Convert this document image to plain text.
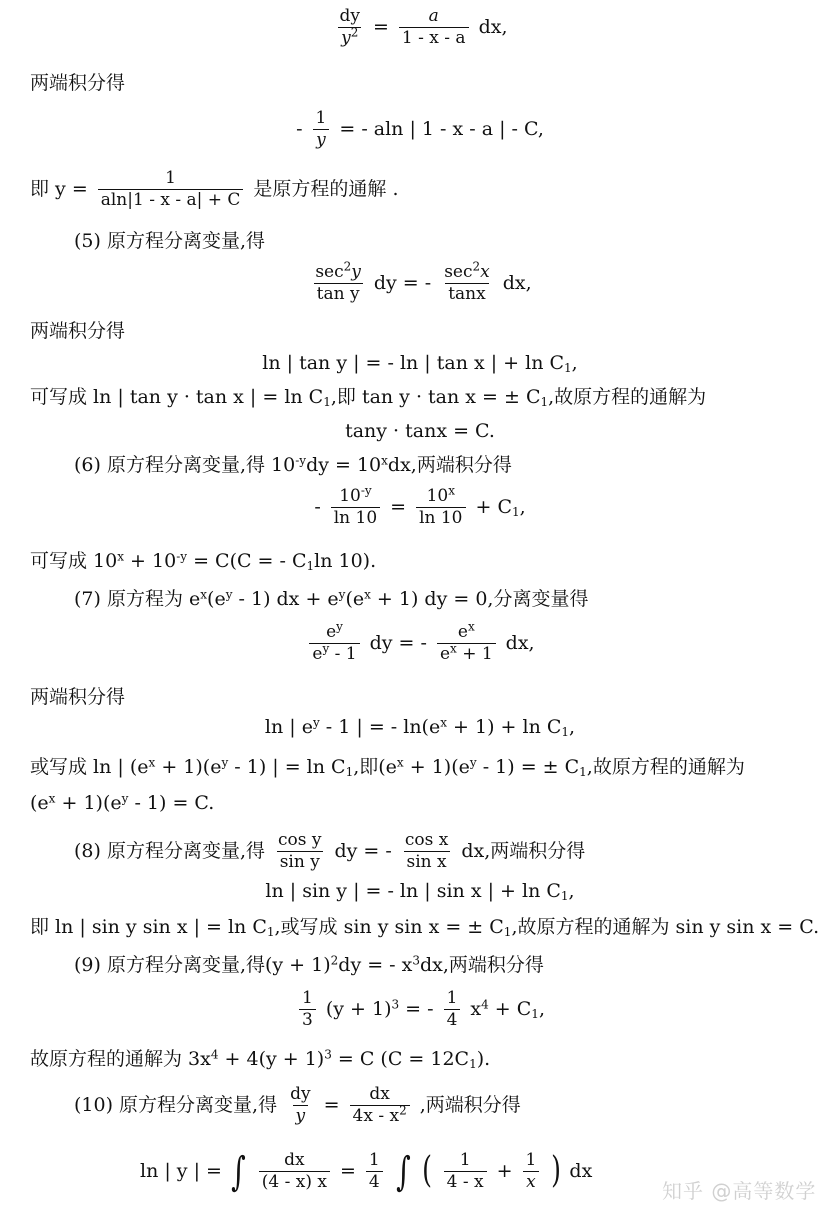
$\frac{dy}{y^2} = \frac{a}{1 - x - a}$ dx,
两端积分得
- $\frac{1}{y}$ = - aln | 1 - x - a | - C,
即 $y = \frac{1}{aln|1 - x - a| + C}$ 是原方程的通解 .
(5) 原方程分离变量,得
$\frac{\sec^2y}{\text{tan y}}$ dy = - $\frac{\sec^2x}{\tan x}$ dx,
两端积分得
ln | tan y | = - ln | tan x | + $\ln C_1$,
可写成 ln | tan y · tan x | = $\ln C_1$,即 tan y · tan x = ± $C_1$,故原方程的通解为
tany · tanx = C.
(6) 原方程分离变量,得 $10^{-y}dy = 10^xdx$,两端积分得
- $\frac{10^{-y}}{\ln 10} = \frac{10^x}{\ln 10} + C_1$,
可写成 $10^x + 10^{-y} = C(C$ = - $C_1\ln$ 10).
(7) 原方程为 $e^x(e^y - 1)$ dx + $e^y(e^x + 1)$ dy = 0,分离变量得
$\frac{e^y}{e^y - 1}$ dy = - $\frac{e^x}{e^x + 1}$ dx,
两端积分得
ln | $e^y - 1$ | = - $\ln(e^x + 1) + \ln C_1$,
或写成 ln | $(e^x + 1)(e^y - 1)$ | = $\ln C_1$,即$(e^x + 1)(e^y - 1)$ = ± $C_1$,故原方程的通解为
$(e^x + 1)(e^y - 1) = C$.
(8) 原方程分离变量,得 $\frac{\text{cos y}}{\text{sin y}}$ dy = - $\frac{\text{cos x}}{\text{sin x}}$ dx,两端积分得
ln | sin y | = - ln | sin x | + $\ln C_1$,
即 ln | sin y sin x | = $\ln C_1$,或写成 sin y sin x = ± $C_1$,故原方程的通解为 sin y sin x = C.
(9) 原方程分离变量,得$(y + 1)^2dy$ = - $x^3dx$,两端积分得
$\frac{1}{3} (y + 1)^3$ = - $\frac{1}{4} x^4 + C_1$,
故原方程的通解为 $3x^4 + 4(y + 1)^3 = C$ $(C = 12C_1)$.
(10) 原方程分离变量,得 $\frac{dy}{y} = \frac{dx}{4x - x^2}$ ,两端积分得
ln | y | = ∫ $\frac{dx}{(4 - x) x} = \frac{1}{4}$ ∫ ( $\frac{1}{4 - x} + \frac{1}{x}$ ) dx
知乎 @高等数学
